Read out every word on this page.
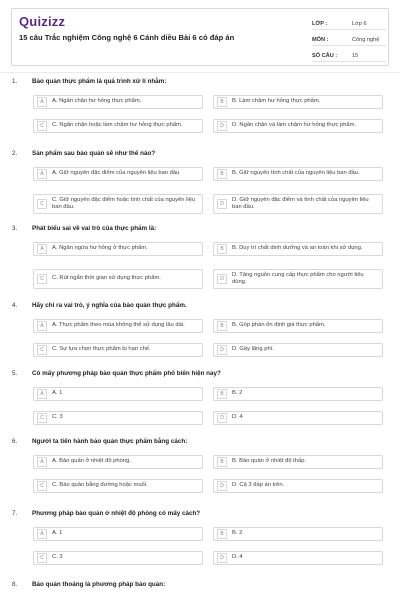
Quizizz
15 câu Trắc nghiệm Công nghệ 6 Cánh diều Bài 6 có đáp án
LỚP :	Lớp 6
MÔN :	Công nghệ
SỐ CÂU :	15
1.	Bảo quản thực phẩm là quá trình xử lí nhằm:
A	A. Ngăn chặn hư hỏng thực phẩm.	B	B. Làm chậm hư hỏng thực phẩm.
C	C. Ngăn chặn hoặc làm chậm hư hỏng thực phẩm.	D	D. Ngăn chặn và làm chậm hư hỏng thực phẩm.
2.	Sản phẩm sau bảo quản sẽ như thế nào?
A	A. Giữ nguyên đặc điểm của nguyên liệu ban đầu	B	B. Giữ nguyên tính chất của nguyên liệu ban đầu.
C
C. Giữ nguyên đặc điểm hoặc tính chất của nguyên liệu ban đầu.	D
D. Giữ nguyên đặc điểm và tính chất của nguyên liệu ban đầu.
3.	Phát biểu sai về vai trò của thực phẩm là:
A	A. Ngăn ngừa hư hỏng ở thực phẩm.	B	B. Duy trì chất dinh dưỡng và an toàn khi sử dụng.
C	C. Rút ngắn thời gian sử dụng thực phẩm.	D
D. Tăng nguồn cung cấp thực phẩm cho người tiêu dùng.
4.	Hãy chỉ ra vai trò, ý nghĩa của bảo quản thực phẩm.
A	A. Thực phẩm theo mùa không thể sử dụng lâu dài.	B	B. Góp phần ổn định giá thực phẩm.
C	C. Sự lựa chọn thực phẩm bị hạn chế.	D	D. Gây lãng phí.
5.	Có mấy phương pháp bảo quản thực phẩm phổ biến hiện nay?
A	A. 1	B	B. 2
C	C. 3	D	D. 4
6.	Người ta tiến hành bảo quản thực phẩm bằng cách:
A	A. Bảo quản ở nhiệt độ phòng.	B	B. Bảo quản ở nhiệt độ thấp.
C	C. Bảo quản bằng đường hoặc muối.	D	D. Cả 3 đáp án trên.
7.	Phương pháp bảo quản ở nhiệt độ phòng có mấy cách?
A	A. 1	B	B. 2
C	C. 3	D	D. 4
8.	Bảo quản thoáng là phương pháp bảo quản:
